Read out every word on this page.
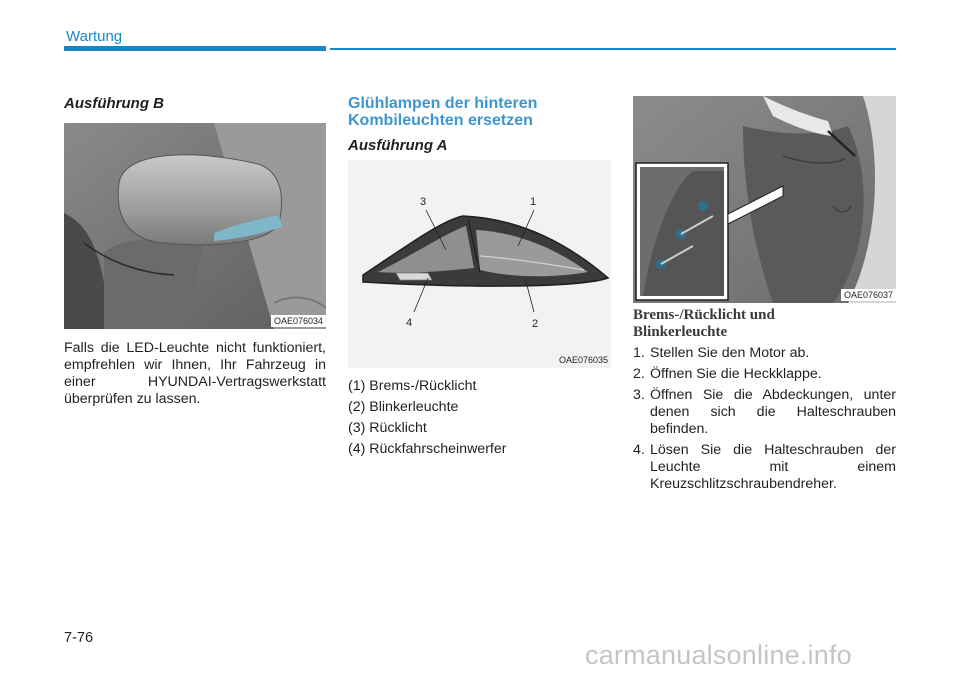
Wartung
Ausführung B
OAE076034

Falls die LED-Leuchte nicht funktioniert, empfrehlen wir Ihnen, Ihr Fahrzeug in einer HYUNDAI-Vertragswerkstatt überprüfen zu lassen.

Glühlampen der hinteren
Kombileuchten ersetzen
Ausführung A
1
2
3
4
OAE076035
(1) Brems-/Rücklicht
(2) Blinkerleuchte
(3) Rücklicht
(4) Rückfahrscheinwerfer
OAE076037
Brems-/Rücklicht und
Blinkerleuchte
1. Stellen Sie den Motor ab.
2. Öffnen Sie die Heckklappe.
3. Öffnen Sie die Abdeckungen, unter denen sich die Halteschrauben befinden.
4. Lösen Sie die Halteschrauben der Leuchte mit einem Kreuzschlitzschraubendreher.
7-76
carmanualsonline.info
